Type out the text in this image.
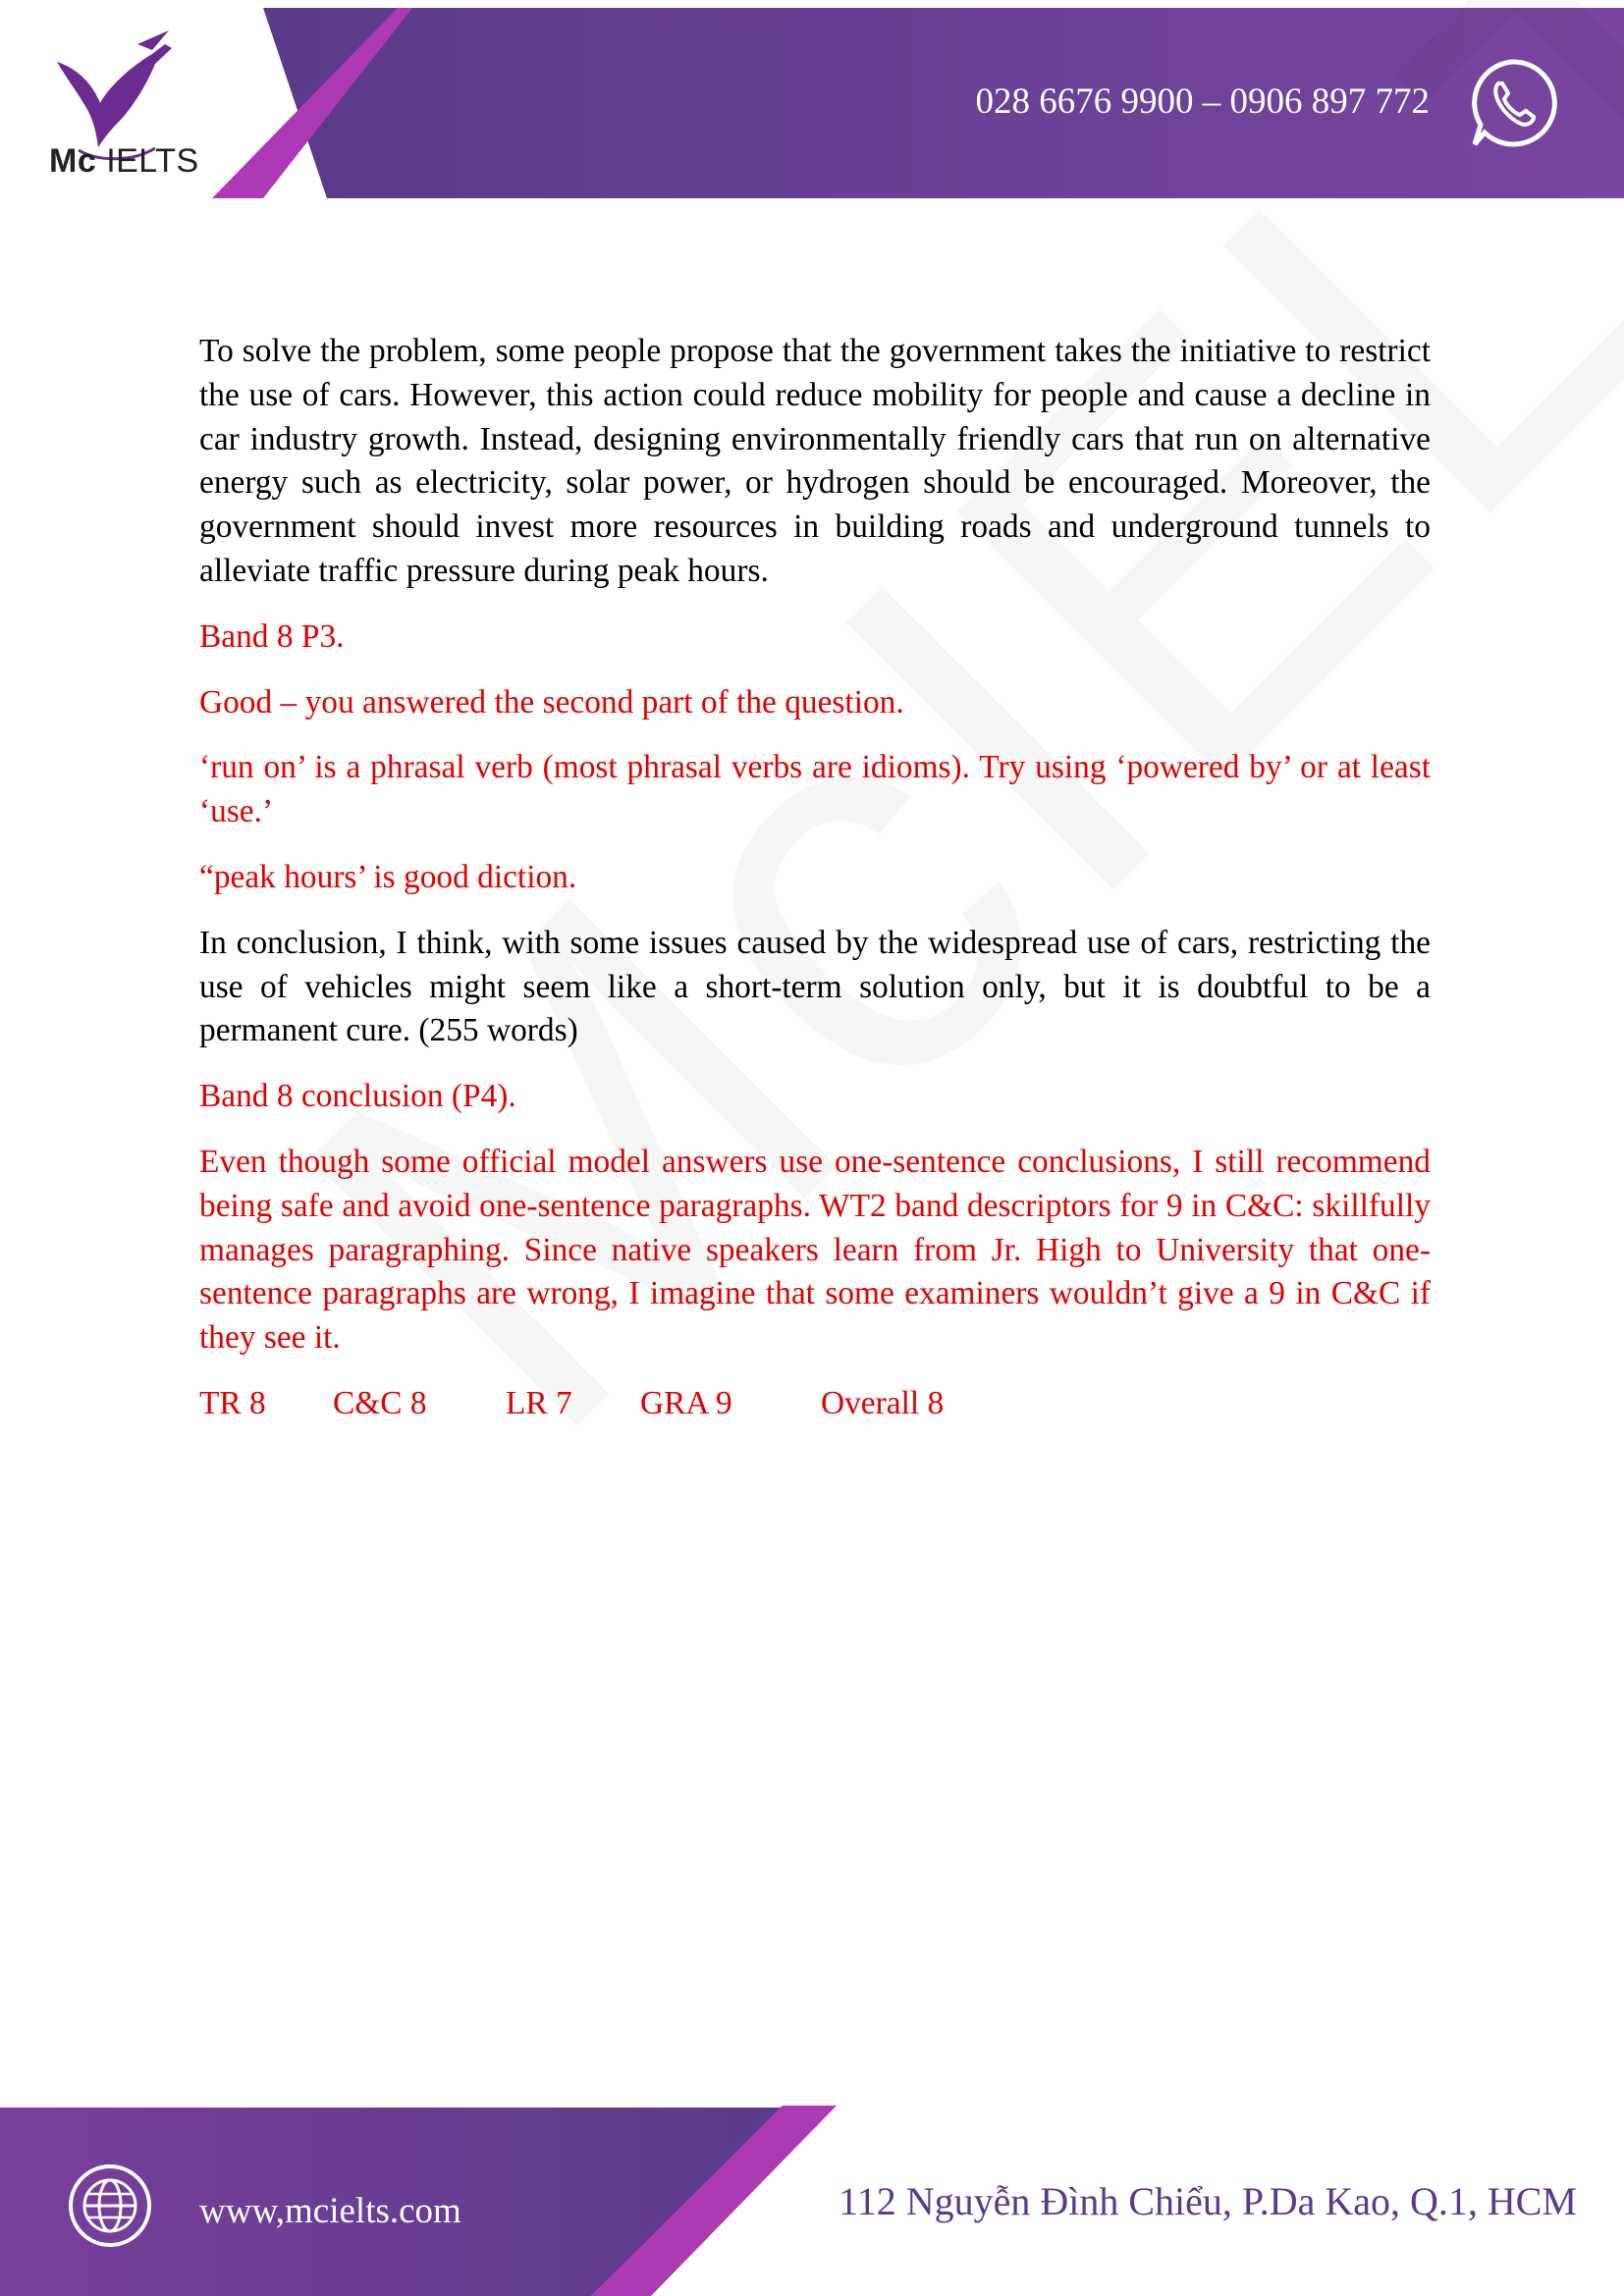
Mc IELTS
028 6676 9900 – 0906 897 772

To solve the problem, some people propose that the government takes the initiative to restrict the use of cars. However, this action could reduce mobility for people and cause a decline in car industry growth. Instead, designing environmentally friendly cars that run on alternative energy such as electricity, solar power, or hydrogen should be encouraged. Moreover, the government should invest more resources in building roads and underground tunnels to alleviate traffic pressure during peak hours.

Band 8 P3.

Good – you answered the second part of the question.

‘run on’ is a phrasal verb (most phrasal verbs are idioms). Try using ‘powered by’ or at least ‘use.’

“peak hours’ is good diction.

In conclusion, I think, with some issues caused by the widespread use of cars, restricting the use of vehicles might seem like a short-term solution only, but it is doubtful to be a permanent cure. (255 words)

Band 8 conclusion (P4).

Even though some official model answers use one-sentence conclusions, I still recommend being safe and avoid one-sentence paragraphs. WT2 band descriptors for 9 in C&C: skillfully manages paragraphing. Since native speakers learn from Jr. High to University that one-sentence paragraphs are wrong, I imagine that some examiners wouldn’t give a 9 in C&C if they see it.

TR 8 C&C 8 LR 7 GRA 9	Overall 8

www,mcielts.com	112 Nguyễn Đình Chiểu, P.Da Kao, Q.1, HCM
